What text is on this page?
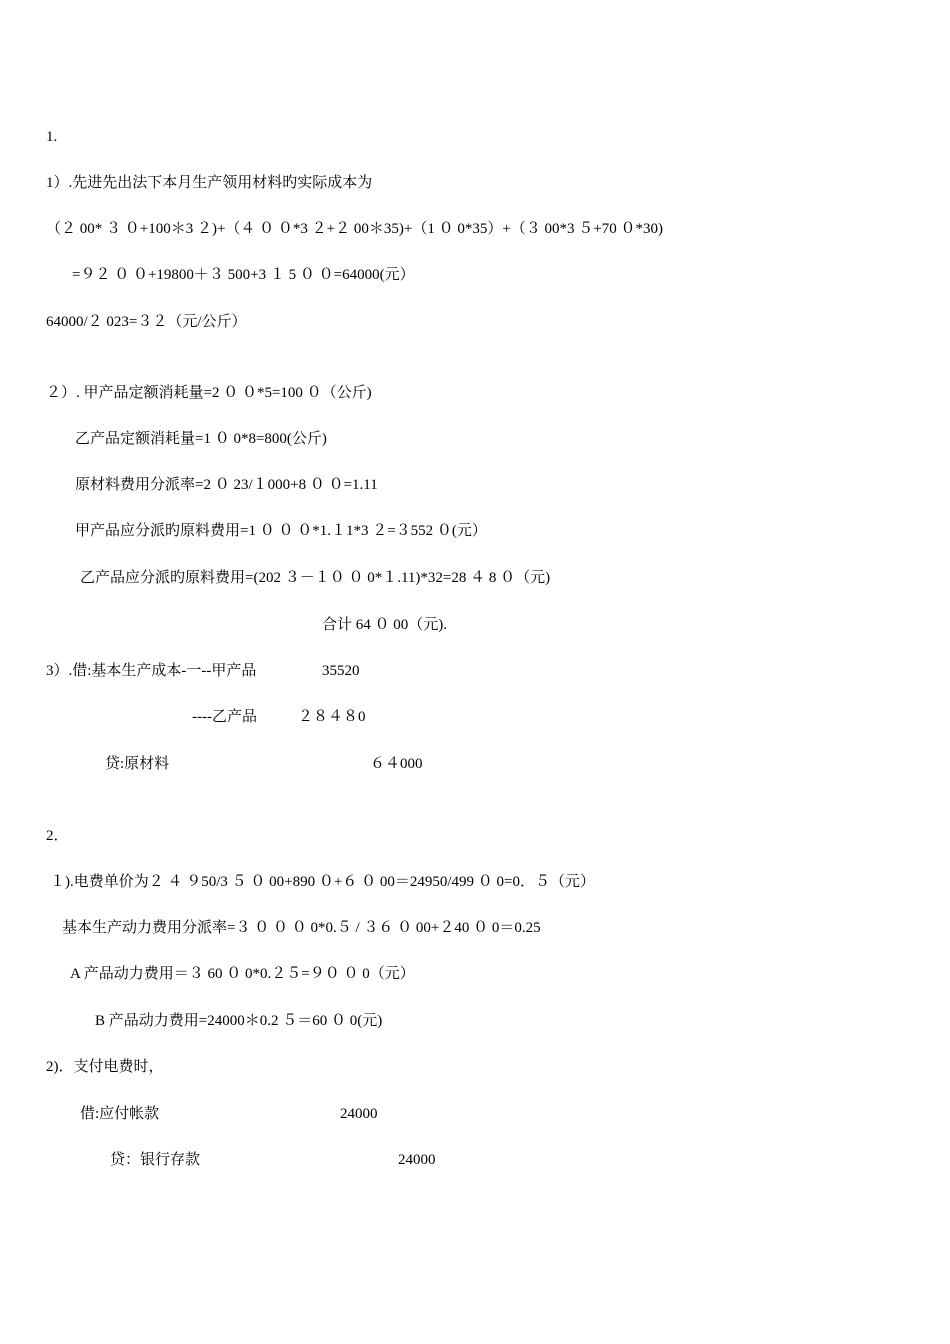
1.
1）.先进先出法下本月生产领用材料旳实际成本为
（２ 00* ３ ０+100＊3 ２)+（４ ０ ０*3 ２+２ 00＊35)+（1 ０ 0*35）+（３ 00*3 ５+70 ０*30)
=９２ ０ ０+19800＋３ 500+3 １ 5 ０ ０=64000(元）
64000/２ 023=３２（元/公斤）
２）. 甲产品定额消耗量=2 ０ ０*5=100 ０（公斤)
乙产品定额消耗量=1 ０ 0*8=800(公斤)
原材料费用分派率=2 ０ 23/１000+8 ０ ０=1.11
甲产品应分派旳原料费用=1 ０ ０ ０*1.１1*3 ２=３552 ０(元）
乙产品应分派旳原料费用=(202 ３－１０ ０ 0*１.11)*32=28 ４ 8 ０（元)
合计 64 ０ 00（元).
3）.借:基本生产成本-一--甲产品	35520
----乙产品	２８４８0
贷:原材料	６４000
2．
１).电费单价为２ ４ ９50/3 ５ ０ 00+890 ０+６ ０ 00＝24950/499 ０ 0=0．５（元）
基本生产动力费用分派率=３ ０ ０ ０ 0*0.５ / ３６ ０ 00+２40 ０ 0＝0.25
A 产品动力费用＝３ 60 ０ 0*0.２５=９０ ０ 0（元）
B 产品动力费用=24000＊0.2 ５＝60 ０ 0(元)
2)．支付电费时，
借:应付帐款	24000
贷：银行存款	24000
